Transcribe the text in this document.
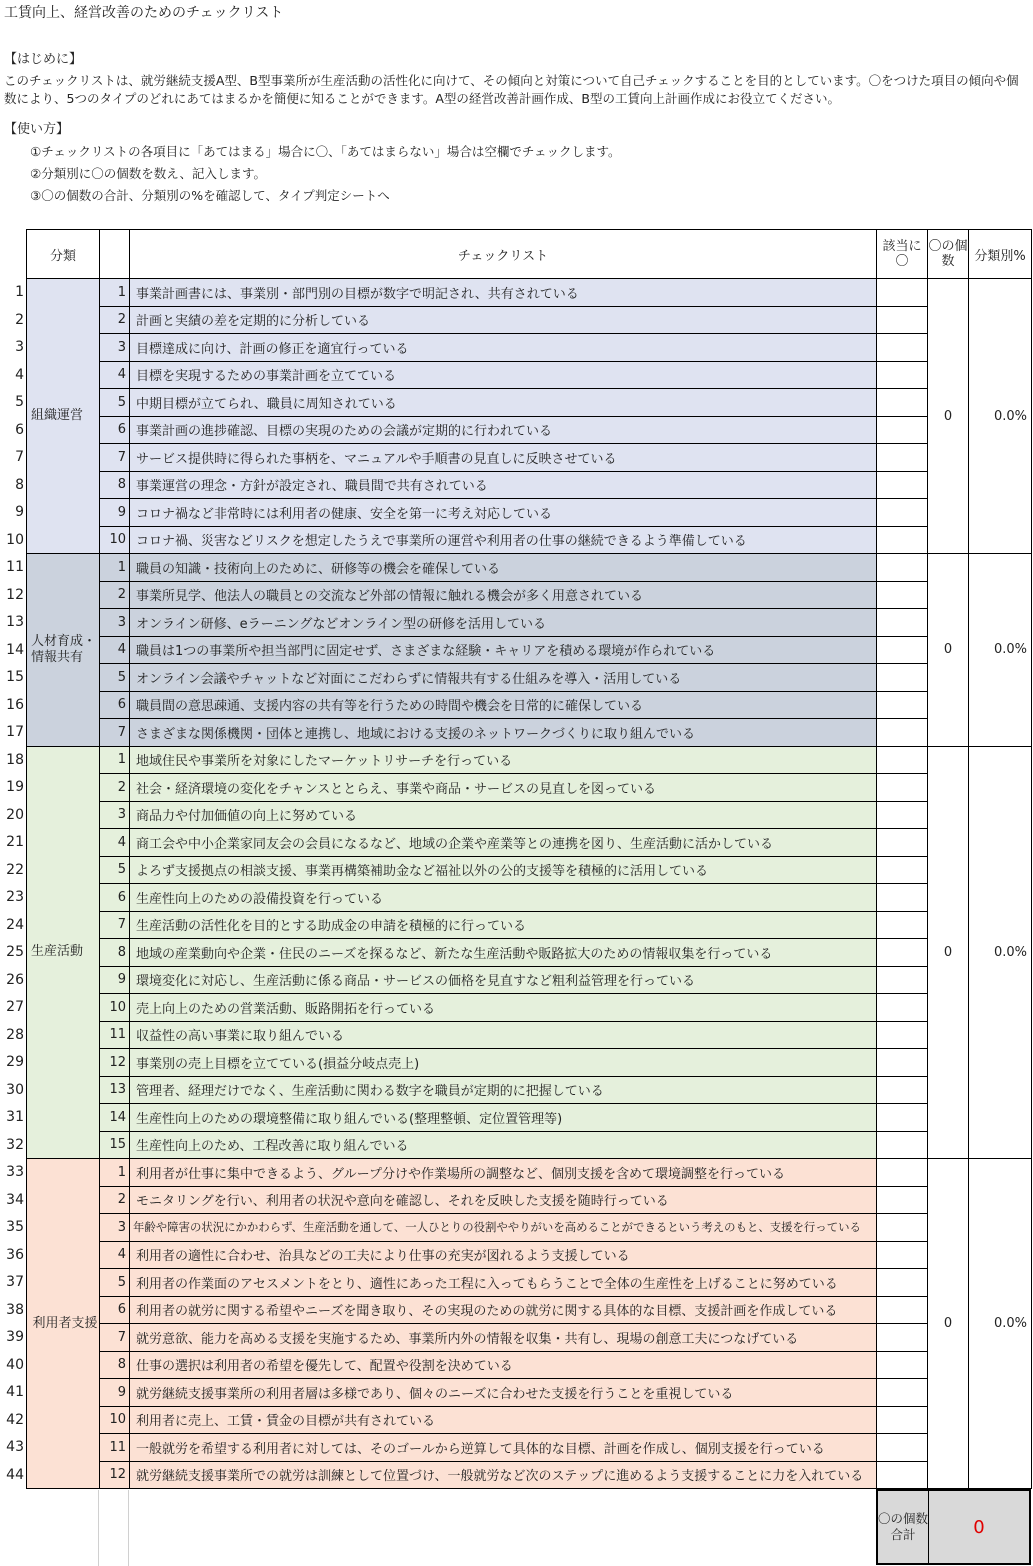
工賃向上、経営改善のためのチェックリスト
【はじめに】
このチェックリストは、就労継続支援A型、B型事業所が生産活動の活性化に向けて、その傾向と対策について自己チェックすることを目的としています。〇をつけた項目の傾向や個数により、5つのタイプのどれにあてはまるかを簡便に知ることができます。A型の経営改善計画作成、B型の工賃向上計画作成にお役立てください。
【使い方】
①チェックリストの各項目に「あてはまる」場合に〇、「あてはまらない」場合は空欄でチェックします。
②分類別に〇の個数を数え、記入します。
③〇の個数の合計、分類別の%を確認して、タイプ判定シートへ
1
2
3
4
5
6
7
8
9
10
11
12
13
14
15
16
17
18
19
20
21
22
23
24
25
26
27
28
29
30
31
32
33
34
35
36
37
38
39
40
41
42
43
44
分類		チェックリスト	該当に〇	〇の個数	分類別%
組織運営	1	事業計画書には、事業別・部門別の目標が数字で明記され、共有されている		0	0.0%
	2	計画と実績の差を定期的に分析している			
	3	目標達成に向け、計画の修正を適宜行っている			
	4	目標を実現するための事業計画を立てている			
	5	中期目標が立てられ、職員に周知されている			
	6	事業計画の進捗確認、目標の実現のための会議が定期的に行われている			
	7	サービス提供時に得られた事柄を、マニュアルや手順書の見直しに反映させている			
	8	事業運営の理念・方針が設定され、職員間で共有されている			
	9	コロナ禍など非常時には利用者の健康、安全を第一に考え対応している			
	10	コロナ禍、災害などリスクを想定したうえで事業所の運営や利用者の仕事の継続できるよう準備している			
人材育成・情報共有	1	職員の知識・技術向上のために、研修等の機会を確保している		0	0.0%
	2	事業所見学、他法人の職員との交流など外部の情報に触れる機会が多く用意されている			
	3	オンライン研修、eラーニングなどオンライン型の研修を活用している			
	4	職員は1つの事業所や担当部門に固定せず、さまざまな経験・キャリアを積める環境が作られている			
	5	オンライン会議やチャットなど対面にこだわらずに情報共有する仕組みを導入・活用している			
	6	職員間の意思疎通、支援内容の共有等を行うための時間や機会を日常的に確保している			
	7	さまざまな関係機関・団体と連携し、地域における支援のネットワークづくりに取り組んでいる			
生産活動	1	地域住民や事業所を対象にしたマーケットリサーチを行っている		0	0.0%
	2	社会・経済環境の変化をチャンスととらえ、事業や商品・サービスの見直しを図っている			
	3	商品力や付加価値の向上に努めている			
	4	商工会や中小企業家同友会の会員になるなど、地域の企業や産業等との連携を図り、生産活動に活かしている			
	5	よろず支援拠点の相談支援、事業再構築補助金など福祉以外の公的支援等を積極的に活用している			
	6	生産性向上のための設備投資を行っている			
	7	生産活動の活性化を目的とする助成金の申請を積極的に行っている			
	8	地域の産業動向や企業・住民のニーズを探るなど、新たな生産活動や販路拡大のための情報収集を行っている			
	9	環境変化に対応し、生産活動に係る商品・サービスの価格を見直すなど粗利益管理を行っている			
	10	売上向上のための営業活動、販路開拓を行っている			
	11	収益性の高い事業に取り組んでいる			
	12	事業別の売上目標を立てている(損益分岐点売上)			
	13	管理者、経理だけでなく、生産活動に関わる数字を職員が定期的に把握している			
	14	生産性向上のための環境整備に取り組んでいる(整理整頓、定位置管理等)			
	15	生産性向上のため、工程改善に取り組んでいる			
利用者支援	1	利用者が仕事に集中できるよう、グループ分けや作業場所の調整など、個別支援を含めて環境調整を行っている		0	0.0%
	2	モニタリングを行い、利用者の状況や意向を確認し、それを反映した支援を随時行っている			
	3	年齢や障害の状況にかかわらず、生産活動を通して、一人ひとりの役割ややりがいを高めることができるという考えのもと、支援を行っている			
	4	利用者の適性に合わせ、治具などの工夫により仕事の充実が図れるよう支援している			
	5	利用者の作業面のアセスメントをとり、適性にあった工程に入ってもらうことで全体の生産性を上げることに努めている			
	6	利用者の就労に関する希望やニーズを聞き取り、その実現のための就労に関する具体的な目標、支援計画を作成している			
	7	就労意欲、能力を高める支援を実施するため、事業所内外の情報を収集・共有し、現場の創意工夫につなげている			
	8	仕事の選択は利用者の希望を優先して、配置や役割を決めている			
	9	就労継続支援事業所の利用者層は多様であり、個々のニーズに合わせた支援を行うことを重視している			
	10	利用者に売上、工賃・賃金の目標が共有されている			
	11	一般就労を希望する利用者に対しては、そのゴールから逆算して具体的な目標、計画を作成し、個別支援を行っている			
	12	就労継続支援事業所での就労は訓練として位置づけ、一般就労など次のステップに進めるよう支援することに力を入れている			
〇の個数合計	0
